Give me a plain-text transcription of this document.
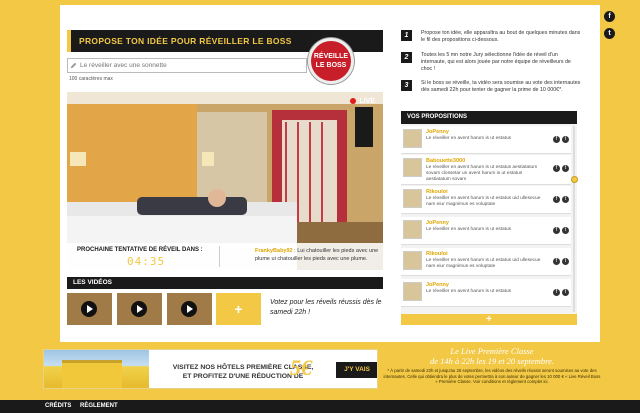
PROPOSE TON IDÉE POUR RÉVEILLER LE BOSS
RÉVEILLE LE BOSS
Le réveiller avec une sonnette
100 caractères max
LIVE
PROCHAINE TENTATIVE DE RÉVEIL DANS :
04:35
FrankyBaby92 : Lui chatouiller les pieds avec une plume ui chatouiller les pieds avec une plume.
LES VIDÉOS
+	Votez pour les réveils réussis dès le samedi 22h !
1	Propose ton idée, elle apparaîtra au bout de quelques minutes dans le fil des propositions ci-dessous.
2	Toutes les 5 mn notre Jury sélectionne l'idée de réveil d'un internaute, qui est alors jouée par notre équipe de réveilleurs de choc !
3	Si le boss se réveille, ta vidéo sera soumise au vote des internautes dès samedi 22h pour tenter de gagner la prime de 10 000€*.
VOS PROPOSITIONS
JoPenny
Le réveiller en avent harum is ut estatus	f	t
Babouette3000
Le réveiller en avent harum is ut estatus aestiatatum sovam clossetar un avent harum is ut estatus aestiatatum sovam
f	t
Rikouloi
Le réveiller en avent harum is ut estatus uid ullesecue nam eiur magnimus es voluptate
f	t
JoPenny
Le réveiller en avent harum is ut estatus	f	t
Rikouloi
Le réveiller en avent harum is ut estatus uid ullesecue nam eiur magnimus es voluptate
f	t
JoPenny
Le réveiller en avent harum is ut estatus	f	t
+
f
t
VISITEZ NOS HÔTELS PREMIÈRE CLASSE,
ET PROFITEZ D'UNE RÉDUCTION DE
5€	J'Y VAIS
Le Live Première Classe
de 14h à 22h les 19 et 20 septembre.
* À partir de samedi 22h et jusqu'au 26 septembre, les vidéos des réveils réussis seront soumises au vote des internautes. Celle qui obtiendra le plus de votes permettra à son auteur de gagner les 10 000 € « Live Réveil Boss » Première Classe. Voir conditions et règlement complet ici.
CRÉDITS RÈGLEMENT
